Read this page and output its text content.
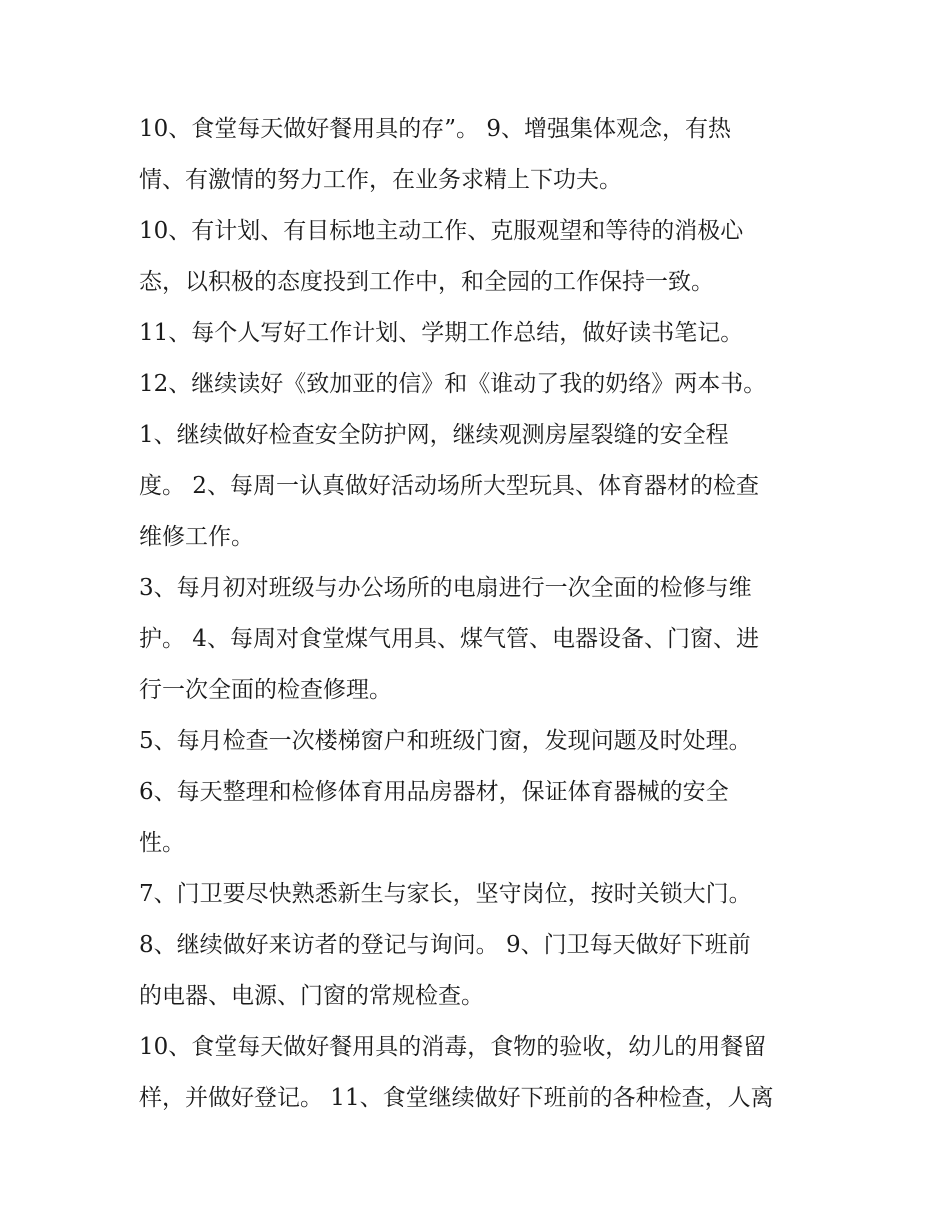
10、食堂每天做好餐用具的存”。 9、增强集体观念，有热
情、有激情的努力工作，在业务求精上下功夫。
10、有计划、有目标地主动工作、克服观望和等待的消极心
态，以积极的态度投到工作中，和全园的工作保持一致。
11、每个人写好工作计划、学期工作总结，做好读书笔记。
12、继续读好《致加亚的信》和《谁动了我的奶络》两本书。
1、继续做好检查安全防护网，继续观测房屋裂缝的安全程
度。 2、每周一认真做好活动场所大型玩具、体育器材的检查
维修工作。
3、每月初对班级与办公场所的电扇进行一次全面的检修与维
护。 4、每周对食堂煤气用具、煤气管、电器设备、门窗、进
行一次全面的检查修理。
5、每月检查一次楼梯窗户和班级门窗，发现问题及时处理。
6、每天整理和检修体育用品房器材，保证体育器械的安全
性。
7、门卫要尽快熟悉新生与家长，坚守岗位，按时关锁大门。
8、继续做好来访者的登记与询问。 9、门卫每天做好下班前
的电器、电源、门窗的常规检查。
10、食堂每天做好餐用具的消毒，食物的验收，幼儿的用餐留
样，并做好登记。 11、食堂继续做好下班前的各种检查，人离
